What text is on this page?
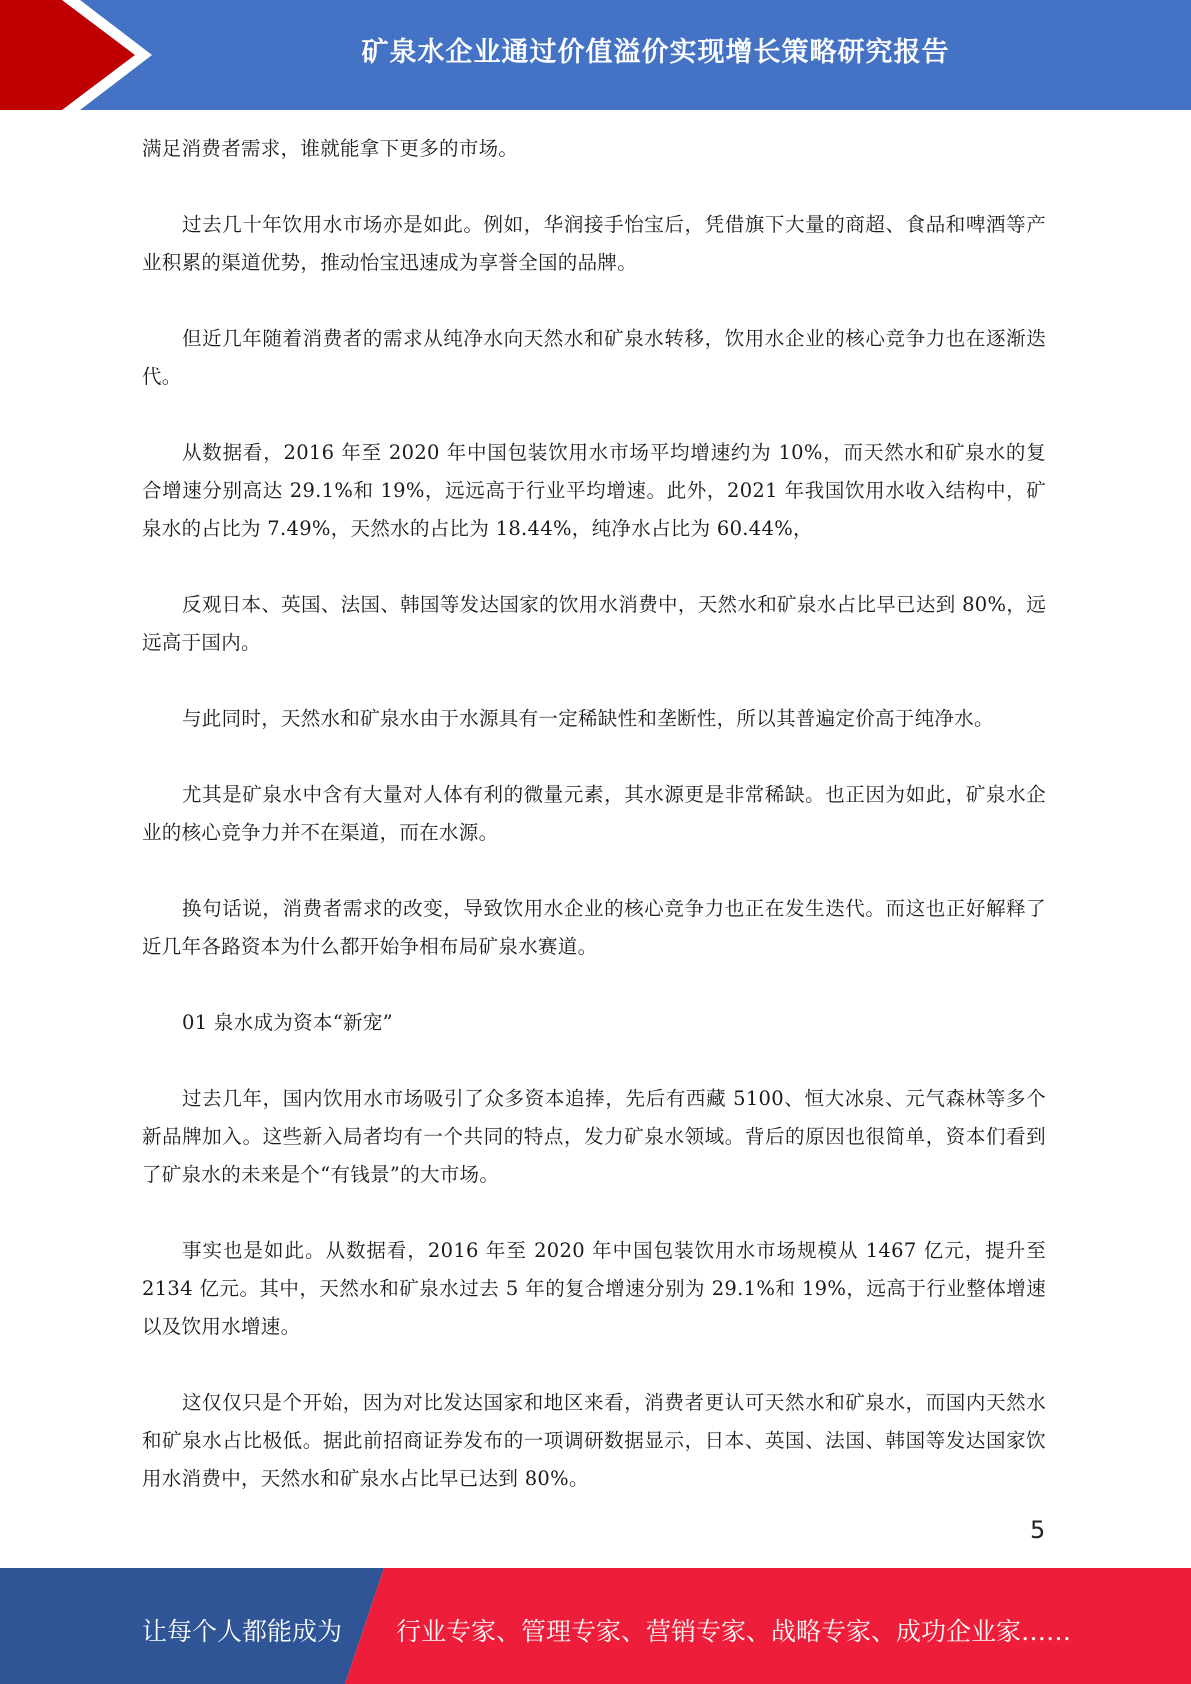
矿泉水企业通过价值溢价实现增长策略研究报告

满足消费者需求，谁就能拿下更多的市场。

过去几十年饮用水市场亦是如此。例如，华润接手怡宝后，凭借旗下大量的商超、食品和啤酒等产业积累的渠道优势，推动怡宝迅速成为享誉全国的品牌。

但近几年随着消费者的需求从纯净水向天然水和矿泉水转移，饮用水企业的核心竞争力也在逐渐迭代。

从数据看，2016 年至 2020 年中国包装饮用水市场平均增速约为 10%，而天然水和矿泉水的复合增速分别高达 29.1%和 19%，远远高于行业平均增速。此外，2021 年我国饮用水收入结构中，矿泉水的占比为 7.49%，天然水的占比为 18.44%，纯净水占比为 60.44%，

反观日本、英国、法国、韩国等发达国家的饮用水消费中，天然水和矿泉水占比早已达到 80%，远远高于国内。

与此同时，天然水和矿泉水由于水源具有一定稀缺性和垄断性，所以其普遍定价高于纯净水。

尤其是矿泉水中含有大量对人体有利的微量元素，其水源更是非常稀缺。也正因为如此，矿泉水企业的核心竞争力并不在渠道，而在水源。

换句话说，消费者需求的改变，导致饮用水企业的核心竞争力也正在发生迭代。而这也正好解释了近几年各路资本为什么都开始争相布局矿泉水赛道。

01 泉水成为资本“新宠”

过去几年，国内饮用水市场吸引了众多资本追捧，先后有西藏 5100、恒大冰泉、元气森林等多个新品牌加入。这些新入局者均有一个共同的特点，发力矿泉水领域。背后的原因也很简单，资本们看到了矿泉水的未来是个“有钱景”的大市场。

事实也是如此。从数据看，2016 年至 2020 年中国包装饮用水市场规模从 1467 亿元，提升至 2134 亿元。其中，天然水和矿泉水过去 5 年的复合增速分别为 29.1%和 19%，远高于行业整体增速以及饮用水增速。

这仅仅只是个开始，因为对比发达国家和地区来看，消费者更认可天然水和矿泉水，而国内天然水和矿泉水占比极低。据此前招商证券发布的一项调研数据显示，日本、英国、法国、韩国等发达国家饮用水消费中，天然水和矿泉水占比早已达到 80%。

5
让每个人都能成为 行业专家、管理专家、营销专家、战略专家、成功企业家……
